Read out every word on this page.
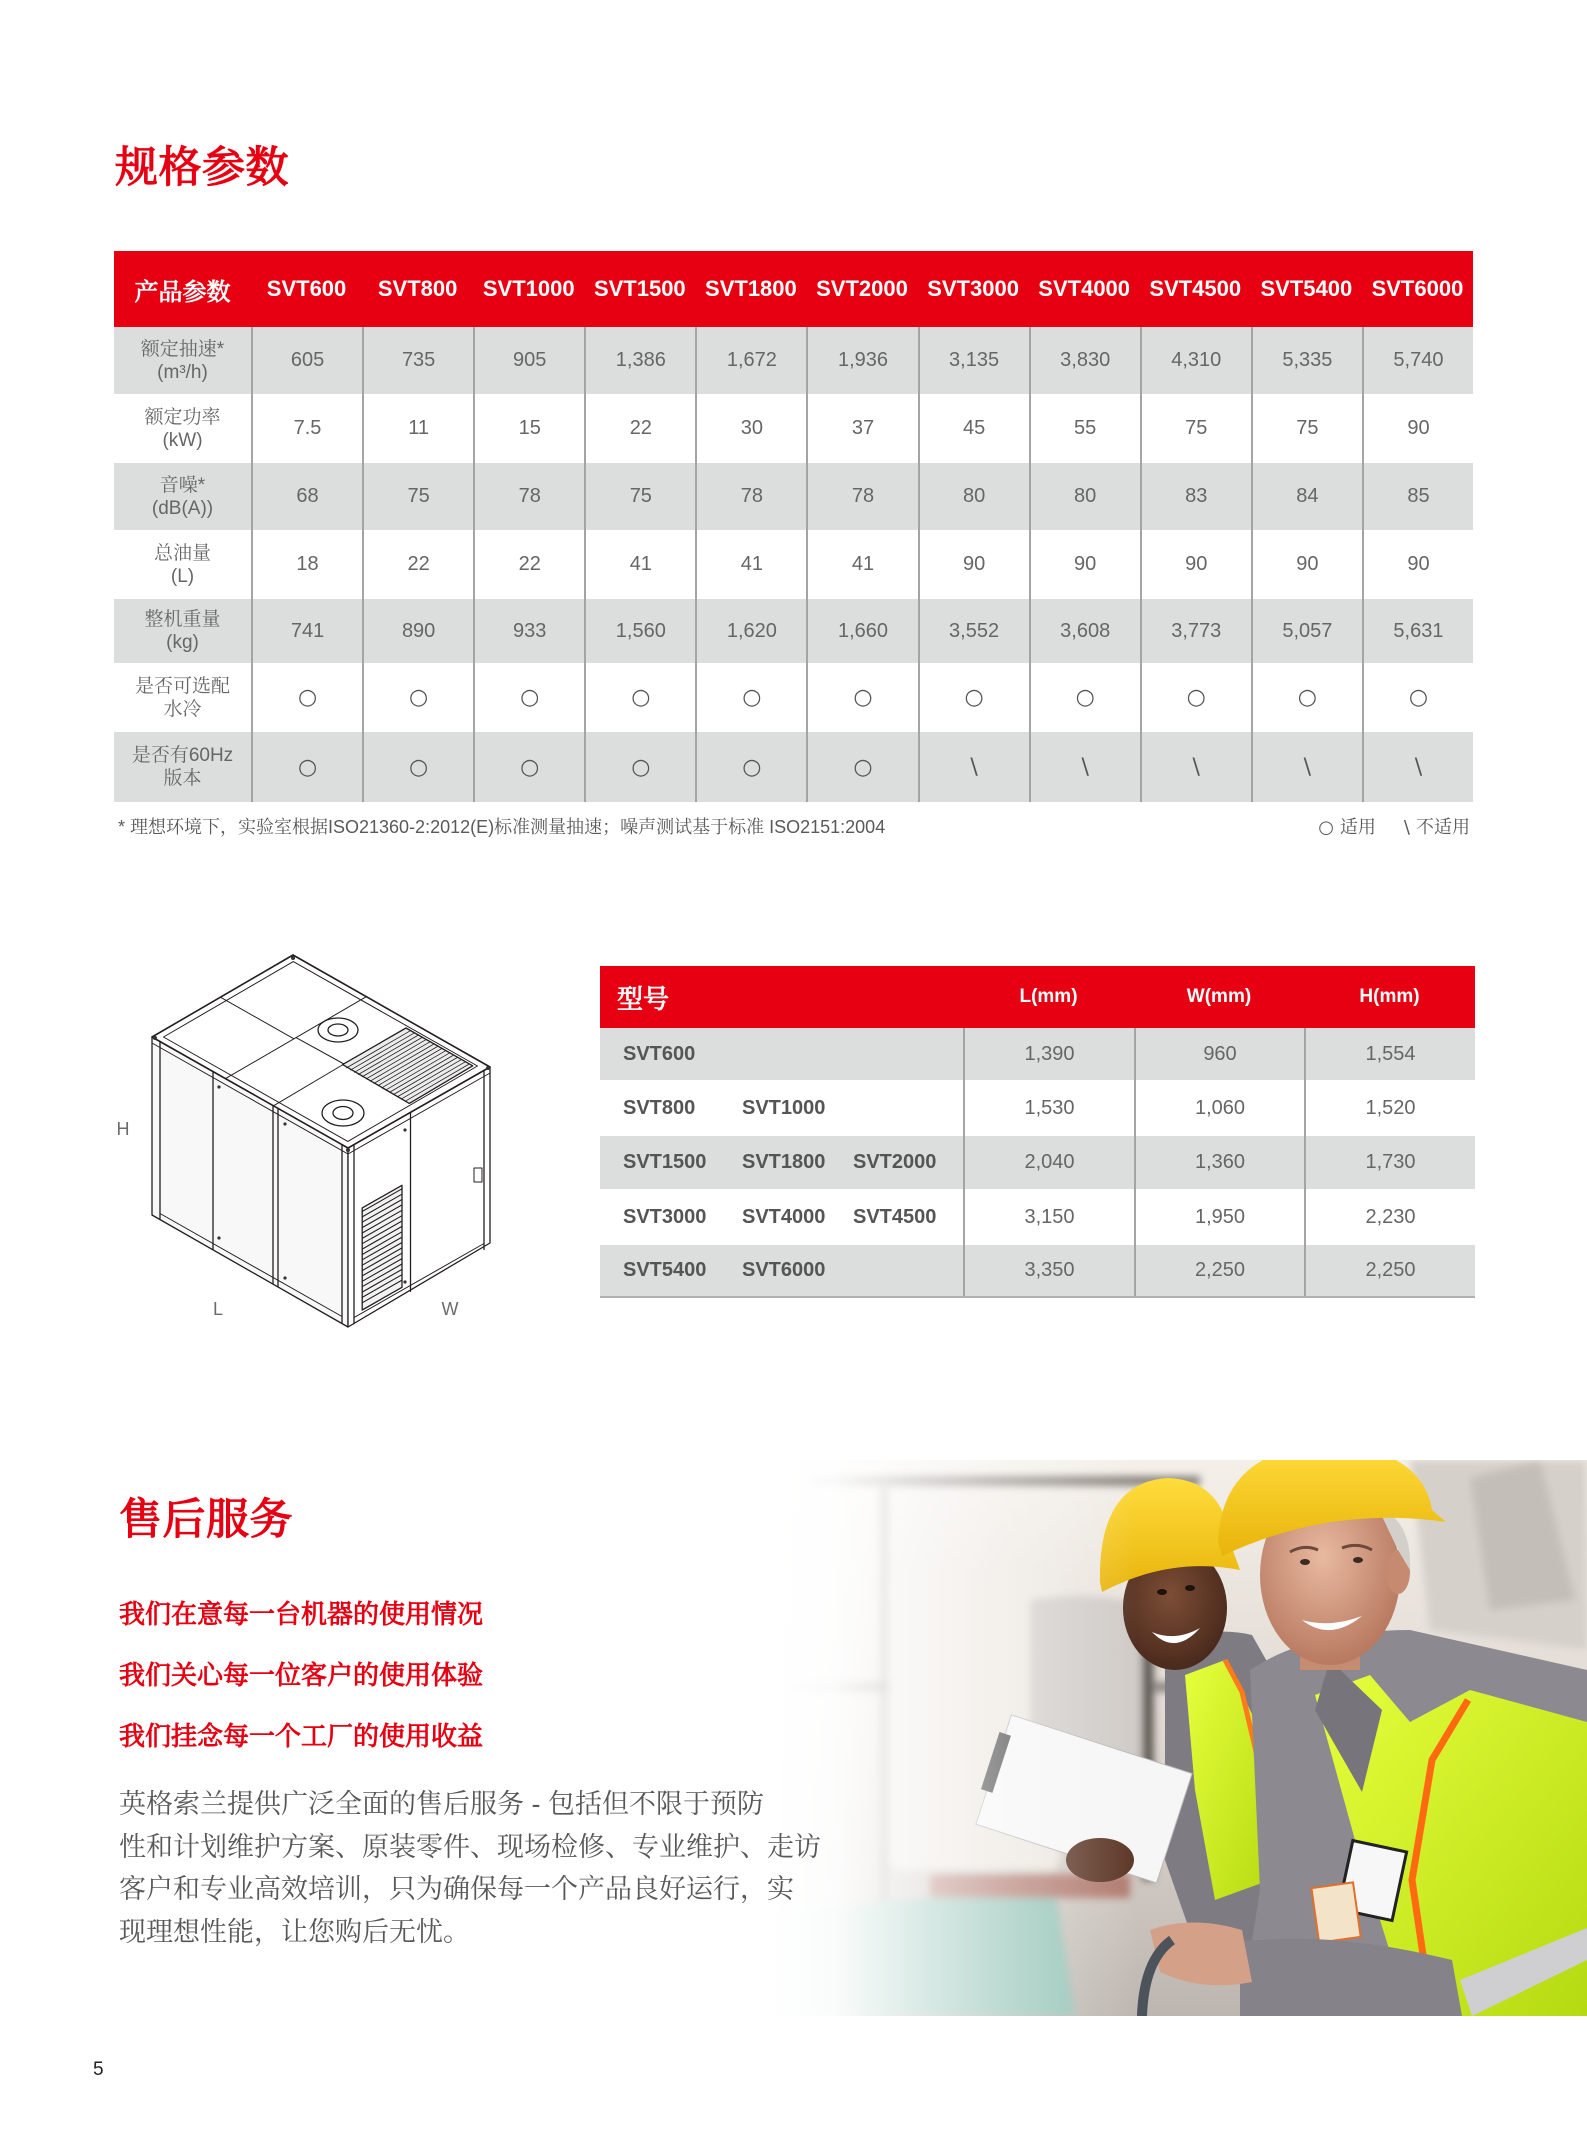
规格参数
产品参数	SVT600	SVT800	SVT1000 SVT1500 SVT1800 SVT2000 SVT3000 SVT4000 SVT4500 SVT5400 SVT6000
额定抽速*
(m³/h)
605	735	905	1,386	1,672	1,936	3,135	3,830	4,310	5,335	5,740
额定功率
(kW)
7.5	11	15	22	30	37	45	55	75	75	90
音噪*
(dB(A))
68	75	78	75	78	78	80	80	83	84	85
总油量
(L)
18	22	22	41	41	41	90	90	90	90	90
整机重量
(kg)
741	890	933	1,560	1,620	1,660	3,552	3,608	3,773	5,057	5,631
是否可选配
水冷	○	○	○	○	○	○	○	○	○	○	○
是否有60Hz
版本	○	○	○	○	○	○	\	\	\	\	\
* 理想环境下，实验室根据ISO21360-2:2012(E)标准测量抽速；噪声测试基于标准 ISO2151:2004	○ 适用 \ 不适用
H
L	W
型号	L(mm)	W(mm)	H(mm)
SVT600	1,390	960	1,554
SVT800	SVT1000	1,530	1,060	1,520
SVT1500	SVT1800	SVT2000	2,040	1,360	1,730
SVT3000	SVT4000	SVT4500	3,150	1,950	2,230
SVT5400	SVT6000	3,350	2,250	2,250
售后服务
我们在意每一台机器的使用情况
我们关心每一位客户的使用体验
我们挂念每一个工厂的使用收益
英格索兰提供广泛全面的售后服务 - 包括但不限于预防
性和计划维护方案、原装零件、现场检修、专业维护、走访
客户和专业高效培训，只为确保每一个产品良好运行，实
现理想性能，让您购后无忧。
5
